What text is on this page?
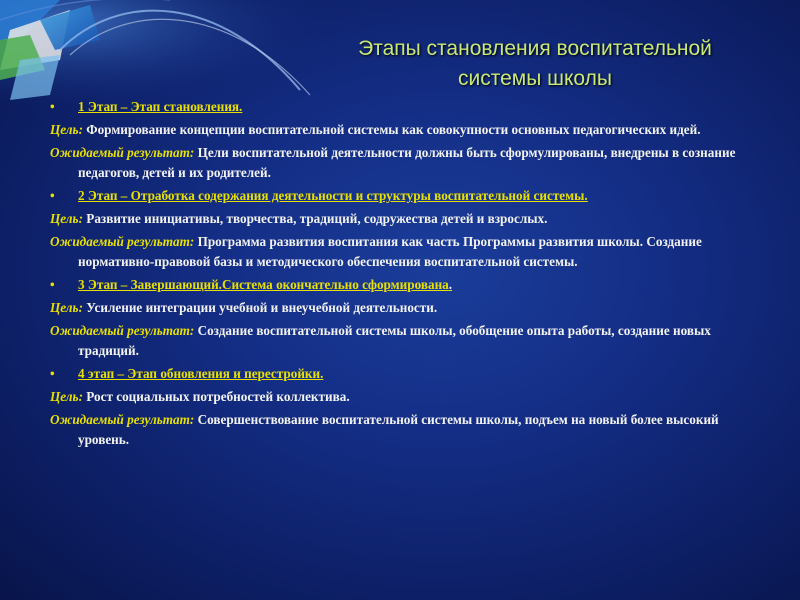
Этапы становления воспитательной
системы школы
• 1 Этап – Этап становления.
Цель: Формирование концепции воспитательной системы как совокупности основных педагогических идей.
Ожидаемый результат: Цели воспитательной деятельности должны быть сформулированы, внедрены в сознание педагогов, детей и их родителей.
• 2 Этап – Отработка содержания деятельности и структуры воспитательной системы.
Цель: Развитие инициативы, творчества, традиций, содружества детей и взрослых.
Ожидаемый результат: Программа развития воспитания как часть Программы развития школы. Создание нормативно-правовой базы и методического обеспечения воспитательной системы.
• 3 Этап – Завершающий.Система окончательно сформирована.
Цель: Усиление интеграции учебной и внеучебной деятельности.
Ожидаемый результат: Создание воспитательной системы школы, обобщение опыта работы, создание новых традиций.
• 4 этап – Этап обновления и перестройки.
Цель: Рост социальных потребностей коллектива.
Ожидаемый результат: Совершенствование воспитательной системы школы, подъем на новый более высокий уровень.
